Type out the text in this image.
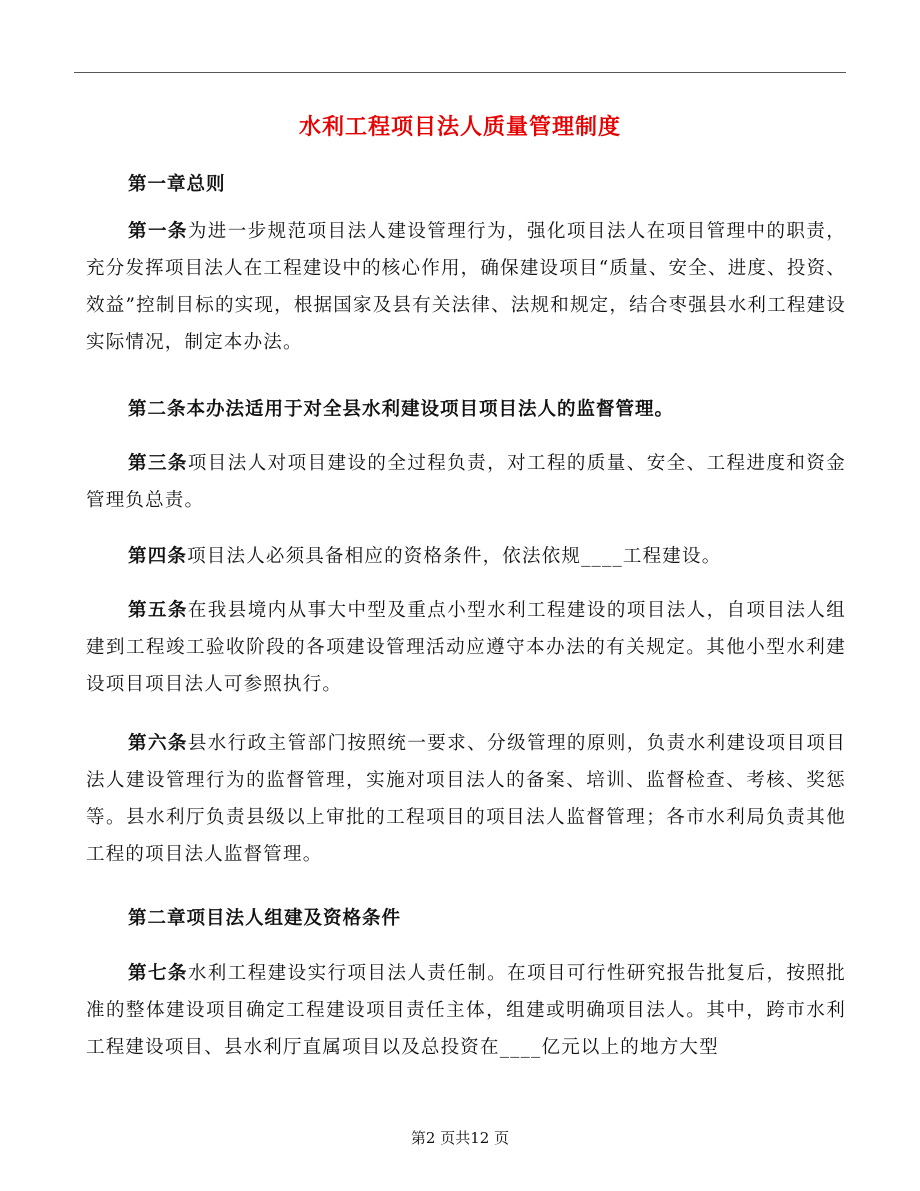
水利工程项目法人质量管理制度

第一章总则

第一条为进一步规范项目法人建设管理行为，强化项目法人在项目管理中的职责，充分发挥项目法人在工程建设中的核心作用，确保建设项目“质量、安全、进度、投资、效益”控制目标的实现，根据国家及县有关法律、法规和规定，结合枣强县水利工程建设实际情况，制定本办法。

第二条本办法适用于对全县水利建设项目项目法人的监督管理。

第三条项目法人对项目建设的全过程负责，对工程的质量、安全、工程进度和资金管理负总责。

第四条项目法人必须具备相应的资格条件，依法依规____工程建设。

第五条在我县境内从事大中型及重点小型水利工程建设的项目法人，自项目法人组建到工程竣工验收阶段的各项建设管理活动应遵守本办法的有关规定。其他小型水利建设项目项目法人可参照执行。

第六条县水行政主管部门按照统一要求、分级管理的原则，负责水利建设项目项目法人建设管理行为的监督管理，实施对项目法人的备案、培训、监督检查、考核、奖惩等。县水利厅负责县级以上审批的工程项目的项目法人监督管理；各市水利局负责其他工程的项目法人监督管理。

第二章项目法人组建及资格条件

第七条水利工程建设实行项目法人责任制。在项目可行性研究报告批复后，按照批准的整体建设项目确定工程建设项目责任主体，组建或明确项目法人。其中，跨市水利工程建设项目、县水利厅直属项目以及总投资在____亿元以上的地方大型

第2 页共12 页
